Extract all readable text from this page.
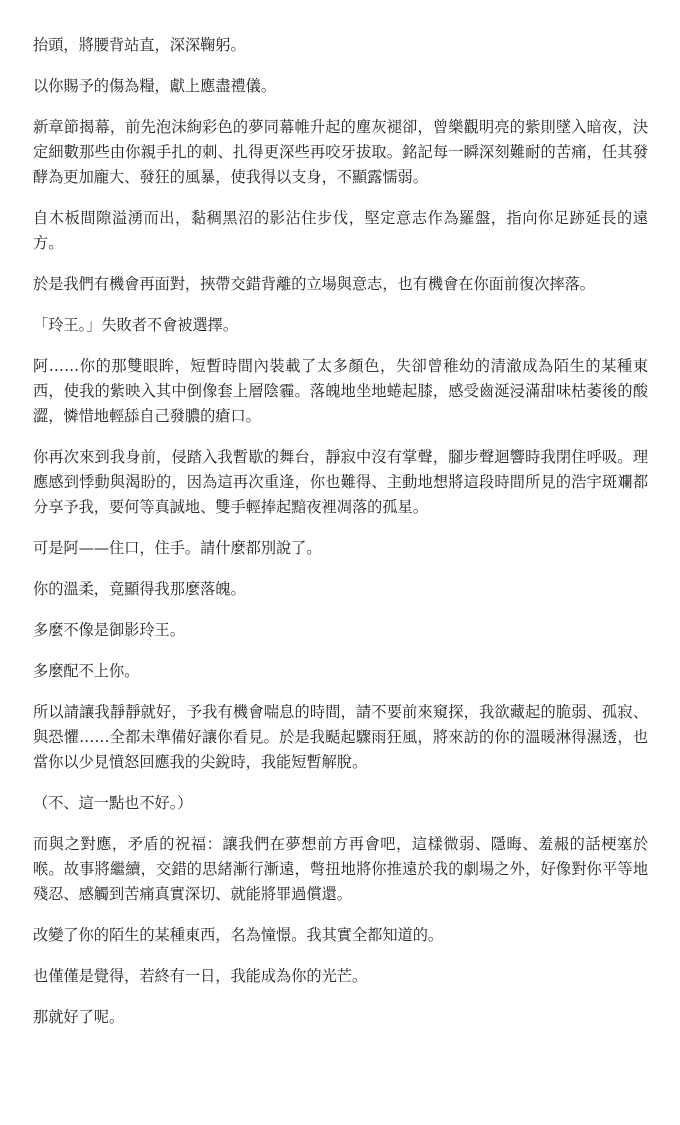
抬頭，將腰背站直，深深鞠躬。

以你賜予的傷為糧，獻上應盡禮儀。

新章節揭幕，前先泡沫絢彩色的夢同幕帷升起的塵灰褪卻，曾樂觀明亮的紫則墜入暗夜，決定細數那些由你親手扎的刺、扎得更深些再咬牙拔取。銘記每一瞬深刻難耐的苦痛，任其發酵為更加龐大、發狂的風暴，使我得以支身，不顯露懦弱。

自木板間隙溢湧而出，黏稠黑沼的影沾住步伐，堅定意志作為羅盤，指向你足跡延長的遠方。

於是我們有機會再面對，挾帶交錯背離的立場與意志，也有機會在你面前復次摔落。

「玲王。」失敗者不會被選擇。

阿……你的那雙眼眸，短暫時間內裝載了太多顏色，失卻曾稚幼的清澈成為陌生的某種東西，使我的紫映入其中倒像套上層陰霾。落魄地坐地蜷起膝，感受齒涎浸滿甜味枯萎後的酸澀，憐惜地輕舔自己發膿的瘡口。

你再次來到我身前，侵踏入我暫歇的舞台，靜寂中沒有掌聲，腳步聲迴響時我閉住呼吸。理應感到悸動與渴盼的，因為這再次重逢，你也難得、主動地想將這段時間所見的浩宇斑斕都分享予我，要何等真誠地、雙手輕捧起黯夜裡凋落的孤星。

可是阿——住口，住手。請什麼都別說了。

你的溫柔，竟顯得我那麼落魄。

多麼不像是御影玲王。

多麼配不上你。

所以請讓我靜靜就好，予我有機會喘息的時間，請不要前來窺探，我欲藏起的脆弱、孤寂、與恐懼……全都未準備好讓你看見。於是我颳起驟雨狂風，將來訪的你的溫暖淋得濕透，也當你以少見憤怒回應我的尖銳時，我能短暫解脫。

（不、這一點也不好。）

而與之對應，矛盾的祝福：讓我們在夢想前方再會吧，這樣微弱、隱晦、羞赧的話梗塞於喉。故事將繼續，交錯的思緒漸行漸遠，彆扭地將你推遠於我的劇場之外，好像對你平等地殘忍、感觸到苦痛真實深切、就能將罪過償還。

改變了你的陌生的某種東西，名為憧憬。我其實全都知道的。

也僅僅是覺得，若終有一日，我能成為你的光芒。

那就好了呢。
